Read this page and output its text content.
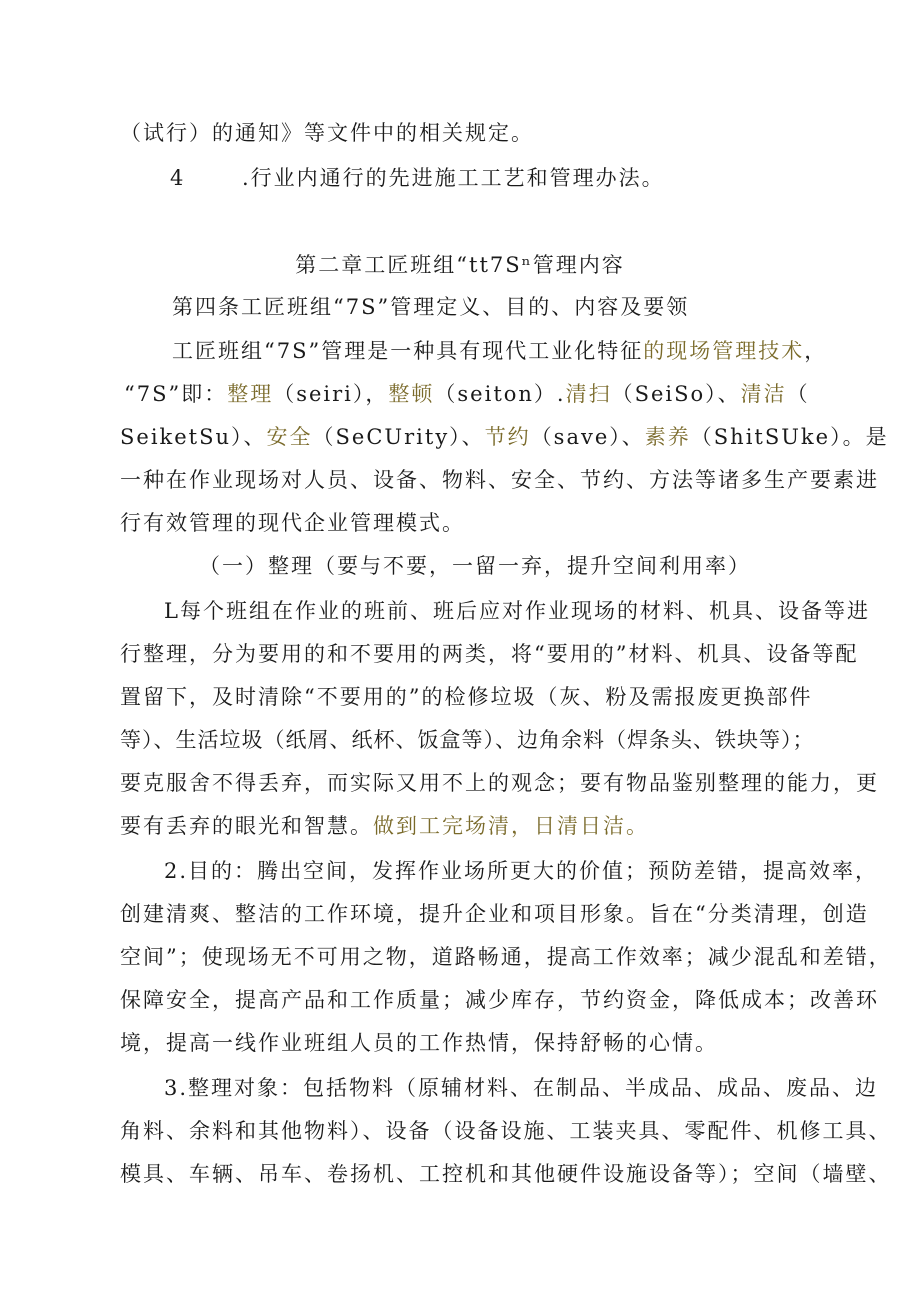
（试行）的通知》等文件中的相关规定。
4	.行业内通行的先进施工工艺和管理办法。
第二章工匠班组“tt7Sⁿ管理内容
第四条工匠班组“7S”管理定义、目的、内容及要领
工匠班组“7S”管理是一种具有现代工业化特征的现场管理技术，
“7S”即：整理（seiri），整顿（seiton）.清扫（SeiSo）、清洁（
SeiketSu）、安全（SeCUrity）、节约（save）、素养（ShitSUke）。是
一种在作业现场对人员、设备、物料、安全、节约、方法等诸多生产要素进
行有效管理的现代企业管理模式。
（一）整理（要与不要，一留一弃，提升空间利用率）
L每个班组在作业的班前、班后应对作业现场的材料、机具、设备等进
行整理，分为要用的和不要用的两类，将“要用的”材料、机具、设备等配
置留下，及时清除“不要用的”的检修垃圾（灰、粉及需报废更换部件
等）、生活垃圾（纸屑、纸杯、饭盒等）、边角余料（焊条头、铁块等）；
要克服舍不得丢弃，而实际又用不上的观念；要有物品鉴别整理的能力，更
要有丢弃的眼光和智慧。做到工完场清，日清日洁。
2.目的：腾出空间，发挥作业场所更大的价值；预防差错，提高效率，
创建清爽、整洁的工作环境，提升企业和项目形象。旨在“分类清理，创造
空间”；使现场无不可用之物，道路畅通，提高工作效率；减少混乱和差错，
保障安全，提高产品和工作质量；减少库存，节约资金，降低成本；改善环
境，提高一线作业班组人员的工作热情，保持舒畅的心情。
3.整理对象：包括物料（原辅材料、在制品、半成品、成品、废品、边
角料、余料和其他物料）、设备（设备设施、工装夹具、零配件、机修工具、
模具、车辆、吊车、卷扬机、工控机和其他硬件设施设备等）；空间（墙壁、
